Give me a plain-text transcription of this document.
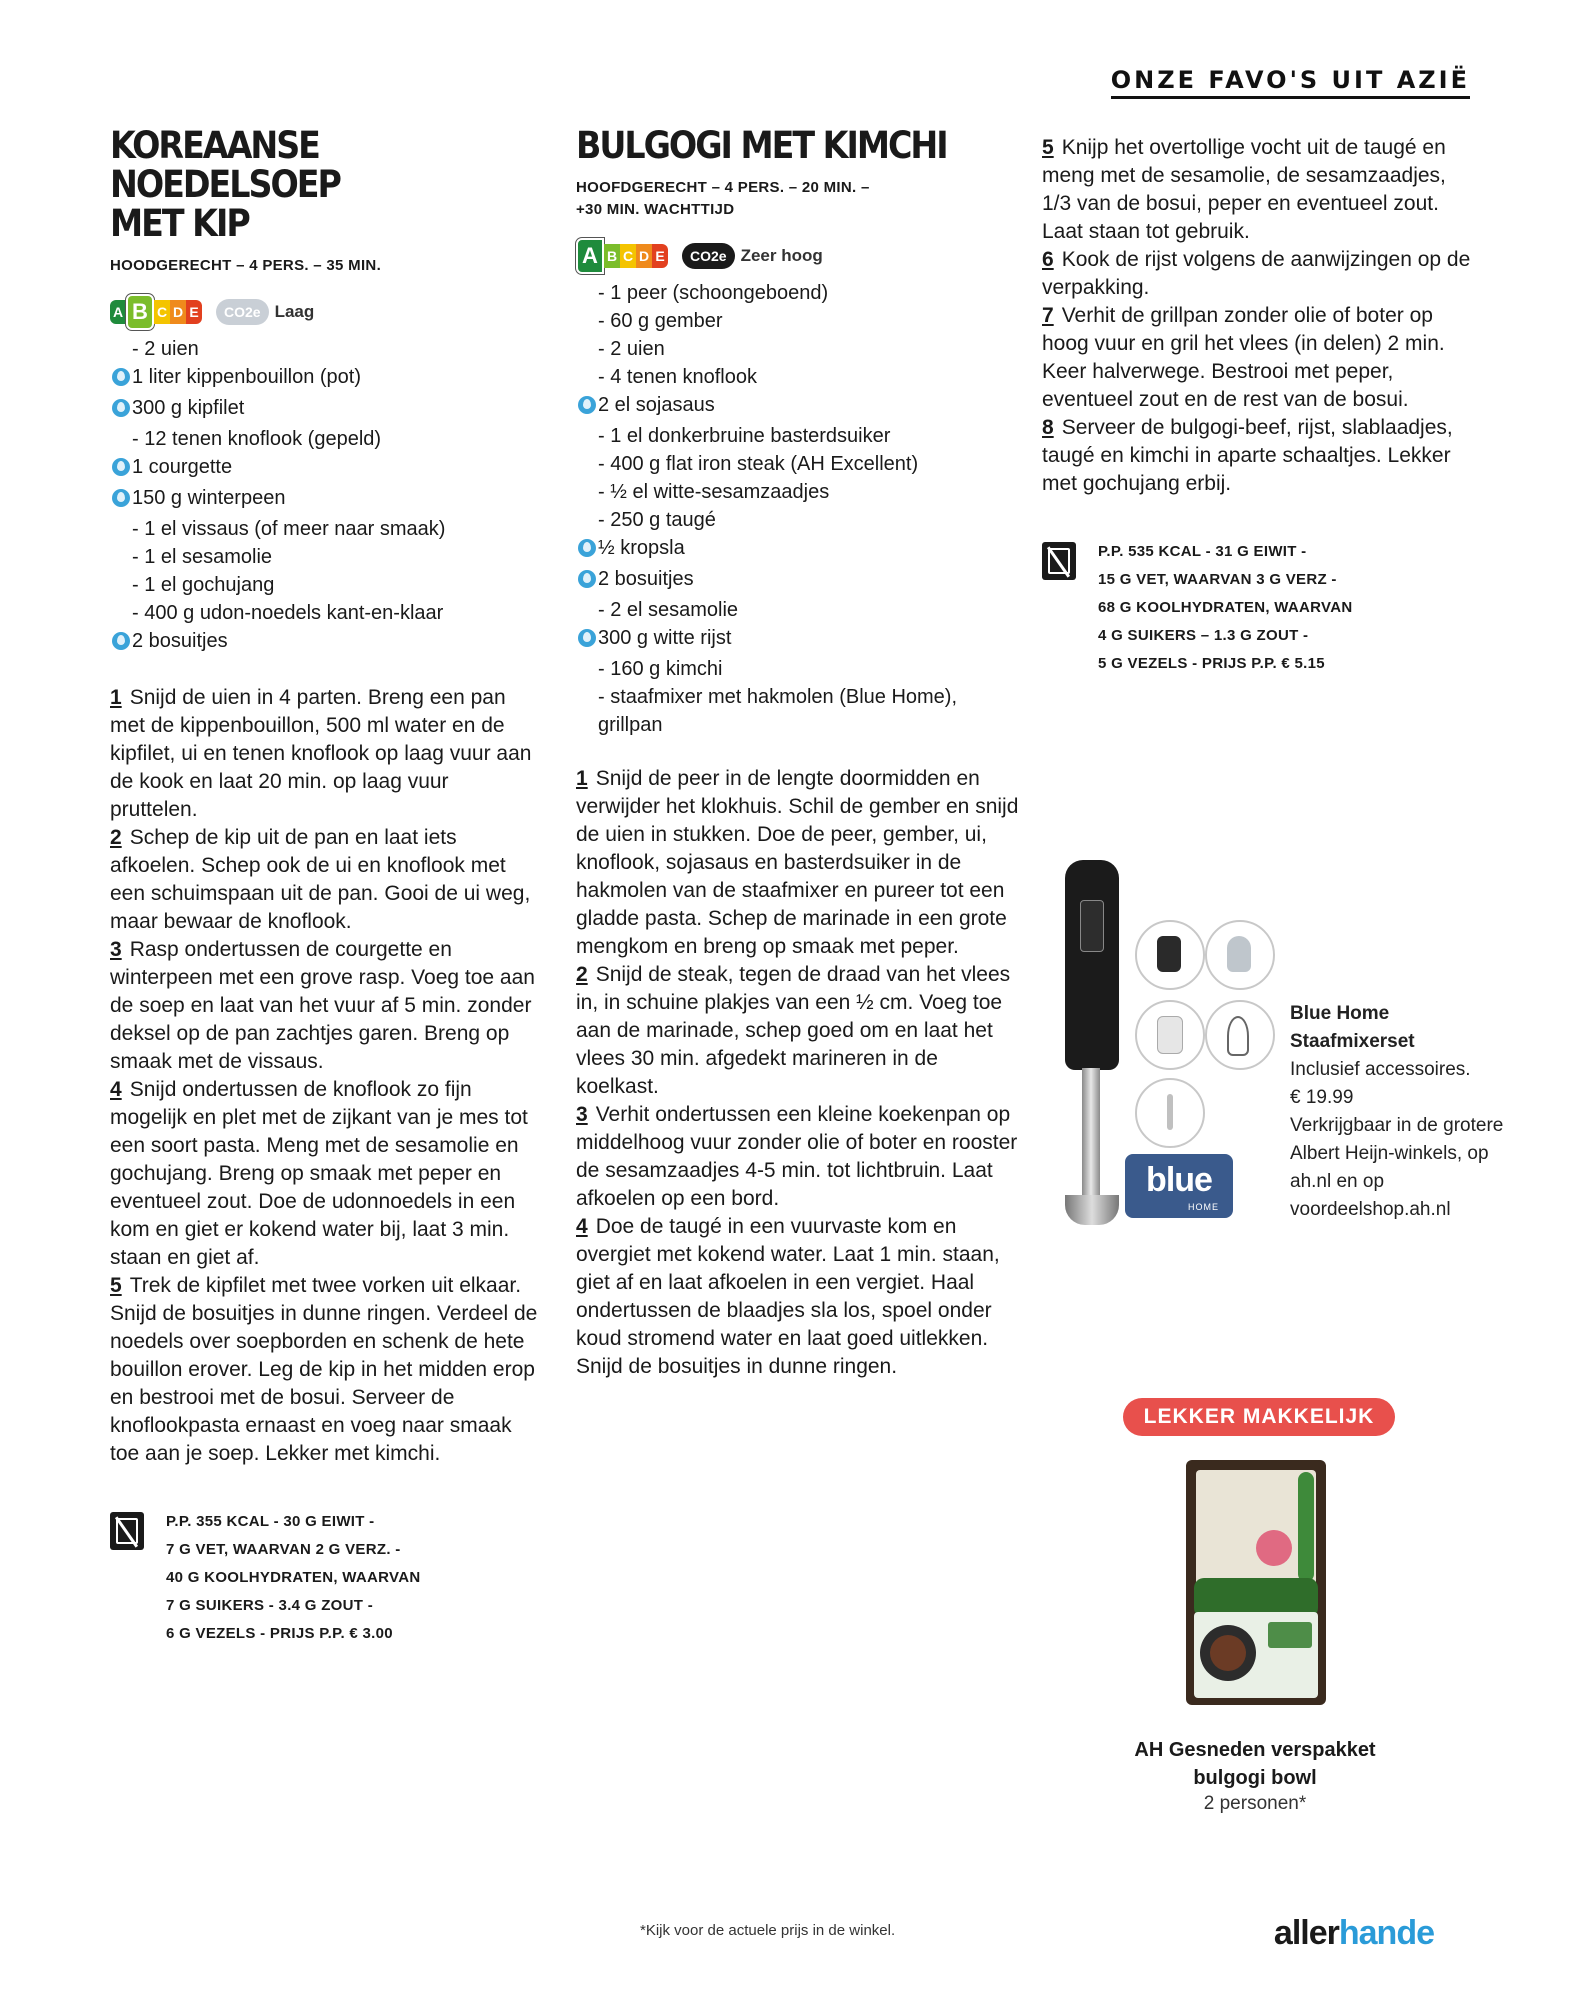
ONZE FAVO'S UIT AZIË
KOREAANSE NOEDELSOEP
MET KIP
HOODGERECHT – 4 PERS. – 35 MIN.
A B C D E	CO2e Laag
- 2 uien
1 liter kippenbouillon (pot)
300 g kipfilet
- 12 tenen knoflook (gepeld)
1 courgette
150 g winterpeen
- 1 el vissaus (of meer naar smaak)
- 1 el sesamolie
- 1 el gochujang
- 400 g udon-noedels kant-en-klaar
2 bosuitjes

1 Snijd de uien in 4 parten. Breng een pan met de kippenbouillon, 500 ml water en de kipfilet, ui en tenen knoflook op laag vuur aan de kook en laat 20 min. op laag vuur pruttelen.

2 Schep de kip uit de pan en laat iets afkoelen. Schep ook de ui en knoflook met een schuimspaan uit de pan. Gooi de ui weg, maar bewaar de knoflook.

3 Rasp ondertussen de courgette en winterpeen met een grove rasp. Voeg toe aan de soep en laat van het vuur af 5 min. zonder deksel op de pan zachtjes garen. Breng op smaak met de vissaus.

4 Snijd ondertussen de knoflook zo fijn mogelijk en plet met de zijkant van je mes tot een soort pasta. Meng met de sesamolie en gochujang. Breng op smaak met peper en eventueel zout. Doe de udonnoedels in een kom en giet er kokend water bij, laat 3 min. staan en giet af.

5 Trek de kipfilet met twee vorken uit elkaar. Snijd de bosuitjes in dunne ringen. Verdeel de noedels over soepborden en schenk de hete bouillon erover. Leg de kip in het midden erop en bestrooi met de bosui. Serveer de knoflookpasta ernaast en voeg naar smaak toe aan je soep. Lekker met kimchi.

P.P. 355 KCAL - 30 G EIWIT -
7 G VET, WAARVAN 2 G VERZ. -
40 G KOOLHYDRATEN, WAARVAN
7 G SUIKERS - 3.4 G ZOUT -
6 G VEZELS - PRIJS P.P. € 3.00
BULGOGI MET KIMCHI
HOOFDGERECHT – 4 PERS. – 20 MIN. –
+30 MIN. WACHTTIJD
A B C D E	CO2e Zeer hoog
- 1 peer (schoongeboend)
- 60 g gember
- 2 uien
- 4 tenen knoflook
2 el sojasaus
- 1 el donkerbruine basterdsuiker
- 400 g flat iron steak (AH Excellent)
- ½ el witte-sesamzaadjes
- 250 g taugé
½ kropsla
2 bosuitjes
- 2 el sesamolie
300 g witte rijst
- 160 g kimchi
- staafmixer met hakmolen (Blue Home), grillpan

1 Snijd de peer in de lengte doormidden en verwijder het klokhuis. Schil de gember en snijd de uien in stukken. Doe de peer, gember, ui, knoflook, sojasaus en basterdsuiker in de hakmolen van de staafmixer en pureer tot een gladde pasta. Schep de marinade in een grote mengkom en breng op smaak met peper.

2 Snijd de steak, tegen de draad van het vlees in, in schuine plakjes van een ½ cm. Voeg toe aan de marinade, schep goed om en laat het vlees 30 min. afgedekt marineren in de koelkast.

3 Verhit ondertussen een kleine koekenpan op middelhoog vuur zonder olie of boter en rooster de sesamzaadjes 4-5 min. tot lichtbruin. Laat afkoelen op een bord.

4 Doe de taugé in een vuurvaste kom en overgiet met kokend water. Laat 1 min. staan, giet af en laat afkoelen in een vergiet. Haal ondertussen de blaadjes sla los, spoel onder koud stromend water en laat goed uitlekken. Snijd de bosuitjes in dunne ringen.

5 Knijp het overtollige vocht uit de taugé en meng met de sesamolie, de sesamzaadjes, 1/3 van de bosui, peper en eventueel zout. Laat staan tot gebruik.

6 Kook de rijst volgens de aanwijzingen op de verpakking.

7 Verhit de grillpan zonder olie of boter op hoog vuur en gril het vlees (in delen) 2 min. Keer halverwege. Bestrooi met peper, eventueel zout en de rest van de bosui.

8 Serveer de bulgogi-beef, rijst, slablaadjes, taugé en kimchi in aparte schaaltjes. Lekker met gochujang erbij.

P.P. 535 KCAL - 31 G EIWIT -
15 G VET, WAARVAN 3 G VERZ -
68 G KOOLHYDRATEN, WAARVAN
4 G SUIKERS – 1.3 G ZOUT -
5 G VEZELS - PRIJS P.P. € 5.15
blue
HOME
Blue Home
Staafmixerset
Inclusief accessoires.
€ 19.99
Verkrijgbaar in de grotere Albert Heijn-winkels, op ah.nl en op voordeelshop.ah.nl
LEKKER MAKKELIJK
AH Gesneden verspakket
bulgogi bowl
2 personen*
*Kijk voor de actuele prijs in de winkel.	allerhande
